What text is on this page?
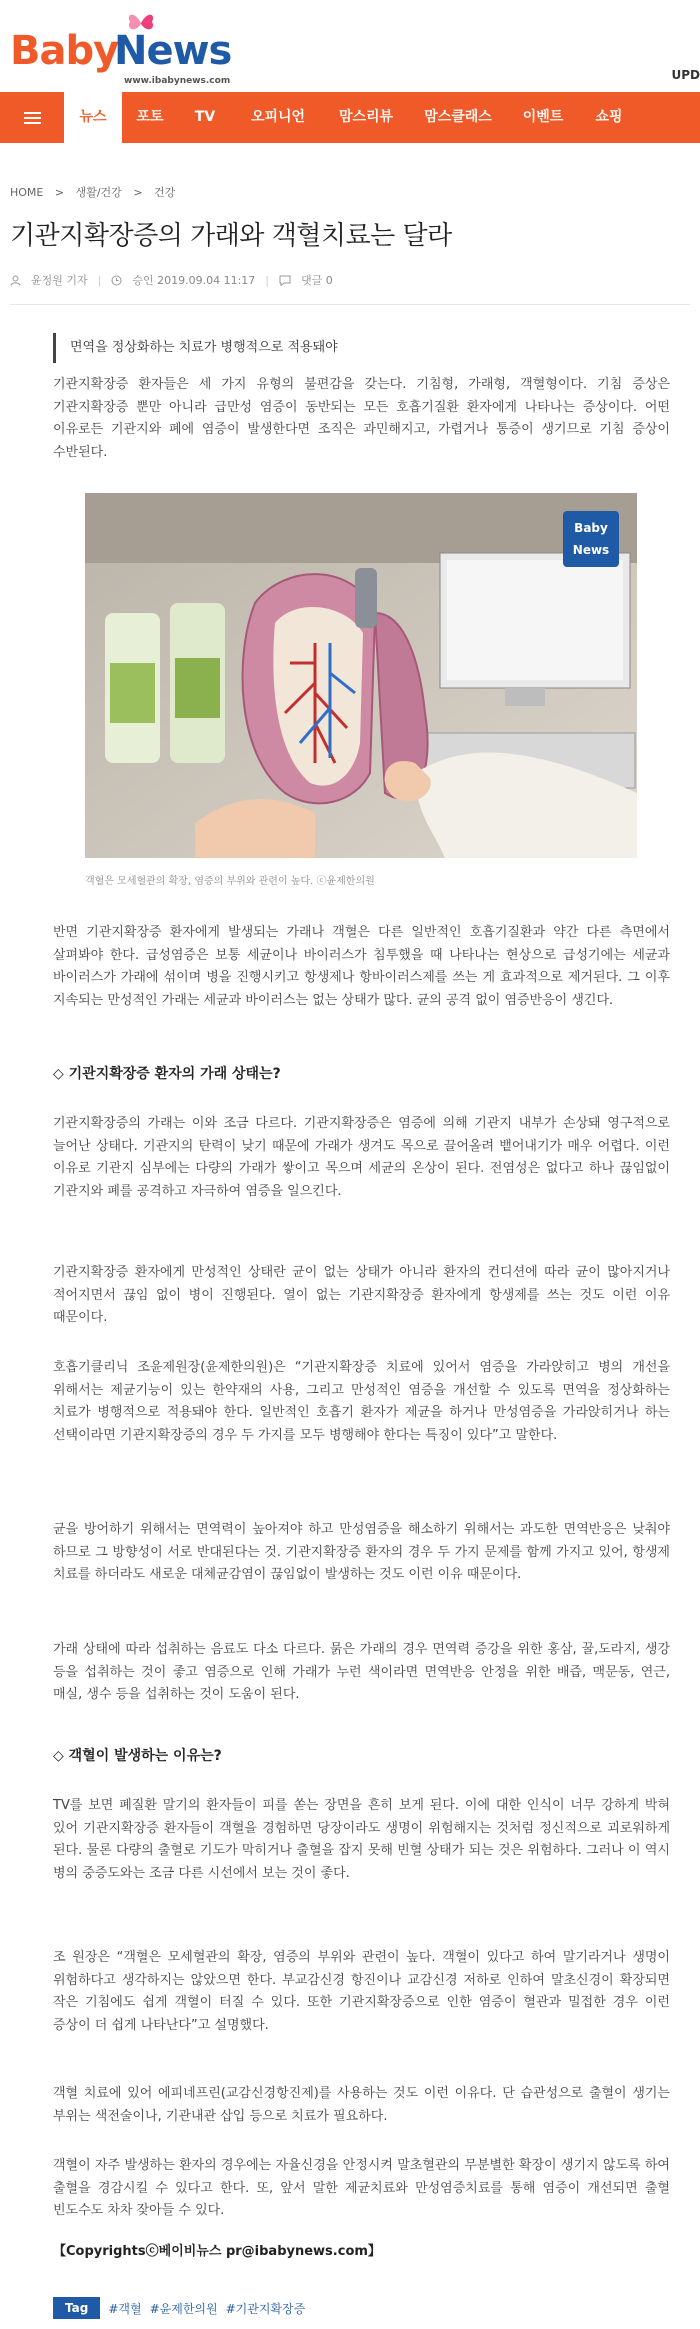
Baby
News
www.ibabynews.com	UPD
뉴스	포토	TV	오피니언	맘스리뷰	맘스클래스	이벤트	쇼핑
HOME > 생활/건강 > 건강
기관지확장증의 가래와 객혈치료는 달라
윤정원 기자 |	승인 2019.09.04 11:17 |	댓글 0
면역을 정상화하는 치료가 병행적으로 적용돼야

기관지확장증 환자들은 세 가지 유형의 불편감을 갖는다. 기침형, 가래형, 객혈형이다. 기침 증상은 기관지확장증 뿐만 아니라 급만성 염증이 동반되는 모든 호흡기질환 환자에게 나타나는 증상이다. 어떤 이유로든 기관지와 폐에 염증이 발생한다면 조직은 과민해지고, 가렵거나 통증이 생기므로 기침 증상이 수반된다.

Baby
News
객혈은 모세혈관의 확장, 염증의 부위와 관련이 높다. ⓒ윤제한의원

반면 기관지확장증 환자에게 발생되는 가래나 객혈은 다른 일반적인 호흡기질환과 약간 다른 측면에서 살펴봐야 한다. 급성염증은 보통 세균이나 바이러스가 침투했을 때 나타나는 현상으로 급성기에는 세균과 바이러스가 가래에 섞이며 병을 진행시키고 항생제나 항바이러스제를 쓰는 게 효과적으로 제거된다. 그 이후 지속되는 만성적인 가래는 세균과 바이러스는 없는 상태가 많다. 균의 공격 없이 염증반응이 생긴다.

◇ 기관지확장증 환자의 가래 상태는?

기관지확장증의 가래는 이와 조금 다르다. 기관지확장증은 염증에 의해 기관지 내부가 손상돼 영구적으로 늘어난 상태다. 기관지의 탄력이 낮기 때문에 가래가 생겨도 목으로 끌어올려 뱉어내기가 매우 어렵다. 이런 이유로 기관지 심부에는 다량의 가래가 쌓이고 목으며 세균의 온상이 된다. 전염성은 없다고 하나 끊임없이 기관지와 폐를 공격하고 자극하여 염증을 일으킨다.

기관지확장증 환자에게 만성적인 상태란 균이 없는 상태가 아니라 환자의 컨디션에 따라 균이 많아지거나 적어지면서 끊임 없이 병이 진행된다. 열이 없는 기관지확장증 환자에게 항생제를 쓰는 것도 이런 이유 때문이다.

호흡기클리닉 조윤제원장(윤제한의원)은 “기관지확장증 치료에 있어서 염증을 가라앉히고 병의 개선을 위해서는 제균기능이 있는 한약재의 사용, 그리고 만성적인 염증을 개선할 수 있도록 면역을 정상화하는 치료가 병행적으로 적용돼야 한다. 일반적인 호흡기 환자가 제균을 하거나 만성염증을 가라앉히거나 하는 선택이라면 기관지확장증의 경우 두 가지를 모두 병행해야 한다는 특징이 있다”고 말한다.

균을 방어하기 위해서는 면역력이 높아져야 하고 만성염증을 해소하기 위해서는 과도한 면역반응은 낮춰야 하므로 그 방향성이 서로 반대된다는 것. 기관지확장증 환자의 경우 두 가지 문제를 함께 가지고 있어, 항생제 치료를 하더라도 새로운 대체균감염이 끊임없이 발생하는 것도 이런 이유 때문이다.

가래 상태에 따라 섭취하는 음료도 다소 다르다. 묽은 가래의 경우 면역력 증강을 위한 홍삼, 꿀,도라지, 생강 등을 섭취하는 것이 좋고 염증으로 인해 가래가 누런 색이라면 면역반응 안정을 위한 배즙, 맥문동, 연근, 매실, 생수 등을 섭취하는 것이 도움이 된다.

◇ 객혈이 발생하는 이유는?

TV를 보면 폐질환 말기의 환자들이 피를 쏟는 장면을 흔히 보게 된다. 이에 대한 인식이 너무 강하게 박혀 있어 기관지확장증 환자들이 객혈을 경험하면 당장이라도 생명이 위험해지는 것처럼 정신적으로 괴로워하게 된다. 물론 다량의 출혈로 기도가 막히거나 출혈을 잡지 못해 빈혈 상태가 되는 것은 위험하다. 그러나 이 역시 병의 중증도와는 조금 다른 시선에서 보는 것이 좋다.

조 원장은 “객혈은 모세혈관의 확장, 염증의 부위와 관련이 높다. 객혈이 있다고 하여 말기라거나 생명이 위험하다고 생각하지는 않았으면 한다. 부교감신경 항진이나 교감신경 저하로 인하여 말초신경이 확장되면 작은 기침에도 쉽게 객혈이 터질 수 있다. 또한 기관지확장증으로 인한 염증이 혈관과 밀접한 경우 이런 증상이 더 쉽게 나타난다”고 설명했다.

객혈 치료에 있어 에피네프린(교감신경항진제)를 사용하는 것도 이런 이유다. 단 습관성으로 출혈이 생기는 부위는 색전술이나, 기관내관 삽입 등으로 치료가 필요하다.

객혈이 자주 발생하는 환자의 경우에는 자율신경을 안정시켜 말초혈관의 무분별한 확장이 생기지 않도록 하여 출혈을 경감시킬 수 있다고 한다. 또, 앞서 말한 제균치료와 만성염증치료를 통해 염증이 개선되면 출혈 빈도수도 차차 잦아들 수 있다.

【Copyrightsⓒ베이비뉴스 pr@ibabynews.com】
Tag	#객혈 #윤제한의원 #기관지확장증
